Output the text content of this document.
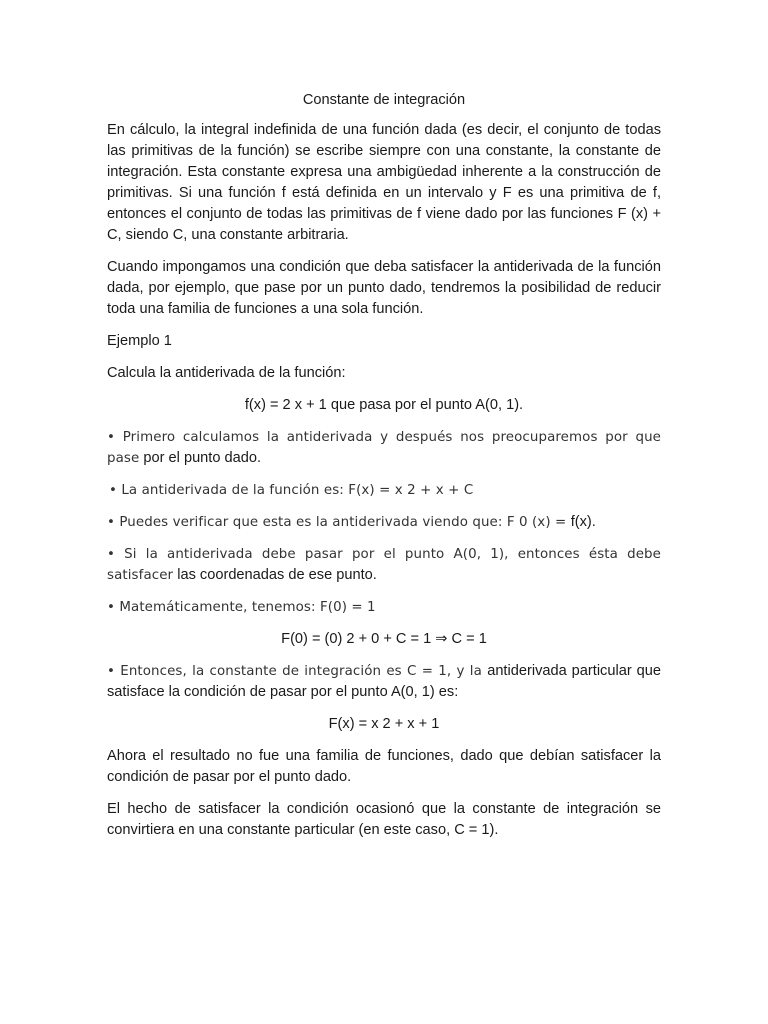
Constante de integración
En cálculo, la integral indefinida de una función dada (es decir, el conjunto de todas las primitivas de la función) se escribe siempre con una constante, la constante de integración. Esta constante expresa una ambigüedad inherente a la construcción de primitivas. Si una función f está definida en un intervalo y F es una primitiva de f, entonces el conjunto de todas las primitivas de f viene dado por las funciones F (x) + C, siendo C, una constante arbitraria.
Cuando impongamos una condición que deba satisfacer la antiderivada de la función dada, por ejemplo, que pase por un punto dado, tendremos la posibilidad de reducir toda una familia de funciones a una sola función.
Ejemplo 1
Calcula la antiderivada de la función:
f(x) = 2 x + 1 que pasa por el punto A(0, 1).
• Primero calculamos la antiderivada y después nos preocuparemos por que pase por el punto dado.
• La antiderivada de la función es: F(x) = x 2 + x + C
• Puedes verificar que esta es la antiderivada viendo que: F 0 (x) = f(x).
• Si la antiderivada debe pasar por el punto A(0, 1), entonces ésta debe satisfacer las coordenadas de ese punto.
• Matemáticamente, tenemos: F(0) = 1
F(0) = (0) 2 + 0 + C = 1 ⇒ C = 1
• Entonces, la constante de integración es C = 1, y la antiderivada particular que satisface la condición de pasar por el punto A(0, 1) es:
F(x) = x 2 + x + 1
Ahora el resultado no fue una familia de funciones, dado que debían satisfacer la condición de pasar por el punto dado.
El hecho de satisfacer la condición ocasionó que la constante de integración se convirtiera en una constante particular (en este caso, C = 1).
